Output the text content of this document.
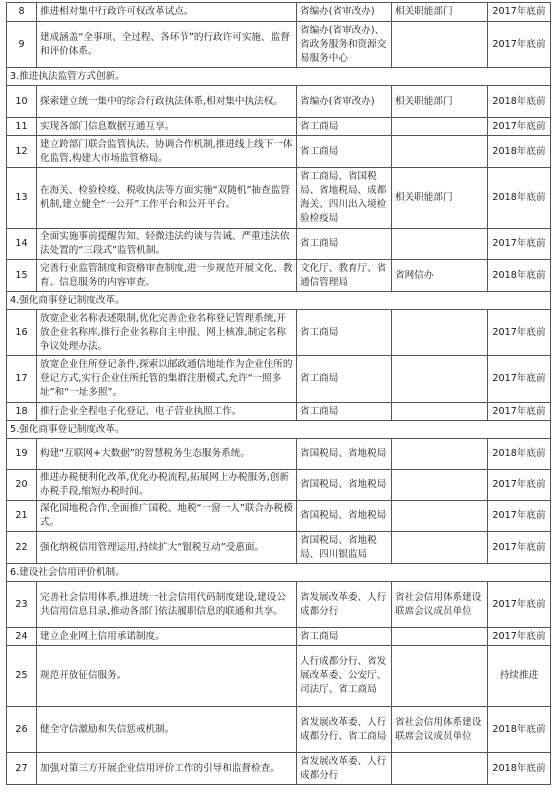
8	推进相对集中行政许可权改革试点。	省编办(省审改办)	相关职能部门	2017年底前
9	建成涵盖“全事项、全过程、各环节”的行政许可实施、监督和评价体系。	省编办(省审改办)、省政务服务和资源交易服务中心		2017年底前
3.推进执法监管方式创新。				
10	探索建立统一集中的综合行政执法体系,相对集中执法权。	省编办(省审改办)	相关职能部门	2018年底前
11	实现各部门信息数据互通互享。	省工商局		2017年底前
12	建立跨部门联合监管执法、协调合作机制,推进线上线下一体化监管,构建大市场监管格局。	省工商局		2018年底前
13	在海关、检验检疫、税收执法等方面实施“双随机”抽查监管机制,建立健全“一公开”工作平台和公开平台。	省工商局、省国税局、省地税局、成都海关、四川出入境检验检疫局	相关职能部门	2018年底前
14	全面实施事前提醒告知、轻微违法约谈与告诫、严重违法依法处置的“三段式”监管机制。	省工商局		2017年底前
15	完善行业监管制度和资格审查制度,进一步规范开展文化、教育、信息服务的内容审查。	文化厅、教育厅、省通信管理局	省网信办	2018年底前
4.强化商事登记制度改革。				
16	放宽企业名称表述限制,优化完善企业名称登记管理系统,开放企业名称库,推行企业名称自主申报、网上核准,制定名称争议处理办法。	省工商局		2017年底前
17	放宽企业住所登记条件,探索以邮政通信地址作为企业住所的登记方式,实行企业住所托管的集群注册模式,允许“一照多址”和“一址多照”。	省工商局		2017年底前
18	推行企业全程电子化登记、电子营业执照工作。	省工商局		2017年底前
5.强化商事登记制度改革。				
19	构建“互联网+大数据”的智慧税务生态服务系统。	省国税局、省地税局		2018年底前
20	推进办税便利化改革,优化办税流程,拓展网上办税服务,创新办税手段,缩短办税时间。	省国税局、省地税局		2017年底前
21	深化国地税合作,全面推广国税、地税“一窗一人”联合办税模式。	省国税局、省地税局		2017年底前
22	强化纳税信用管理运用,持续扩大“银税互动”受惠面。	省国税局、省地税局、四川银监局		2017年底前
6.建设社会信用评价机制。				
23	完善社会信用体系,推进统一社会信用代码制度建设,建设公共信用信息目录,推动各部门依法履职信息的联通和共享。	省发展改革委、人行成都分行	省社会信用体系建设联席会议成员单位	2017年底前
24	建立企业网上信用承诺制度。	省工商局		2017年底前
25	规范开放征信服务。	人行成都分行、省发展改革委、公安厅、司法厅、省工商局		持续推进
26	健全守信激励和失信惩戒机制。	省发展改革委、人行成都分行、省工商局	省社会信用体系建设联席会议成员单位	2018年底前
27	加强对第三方开展企业信用评价工作的引导和监督检查。	省发展改革委、人行成都分行		2018年底前
